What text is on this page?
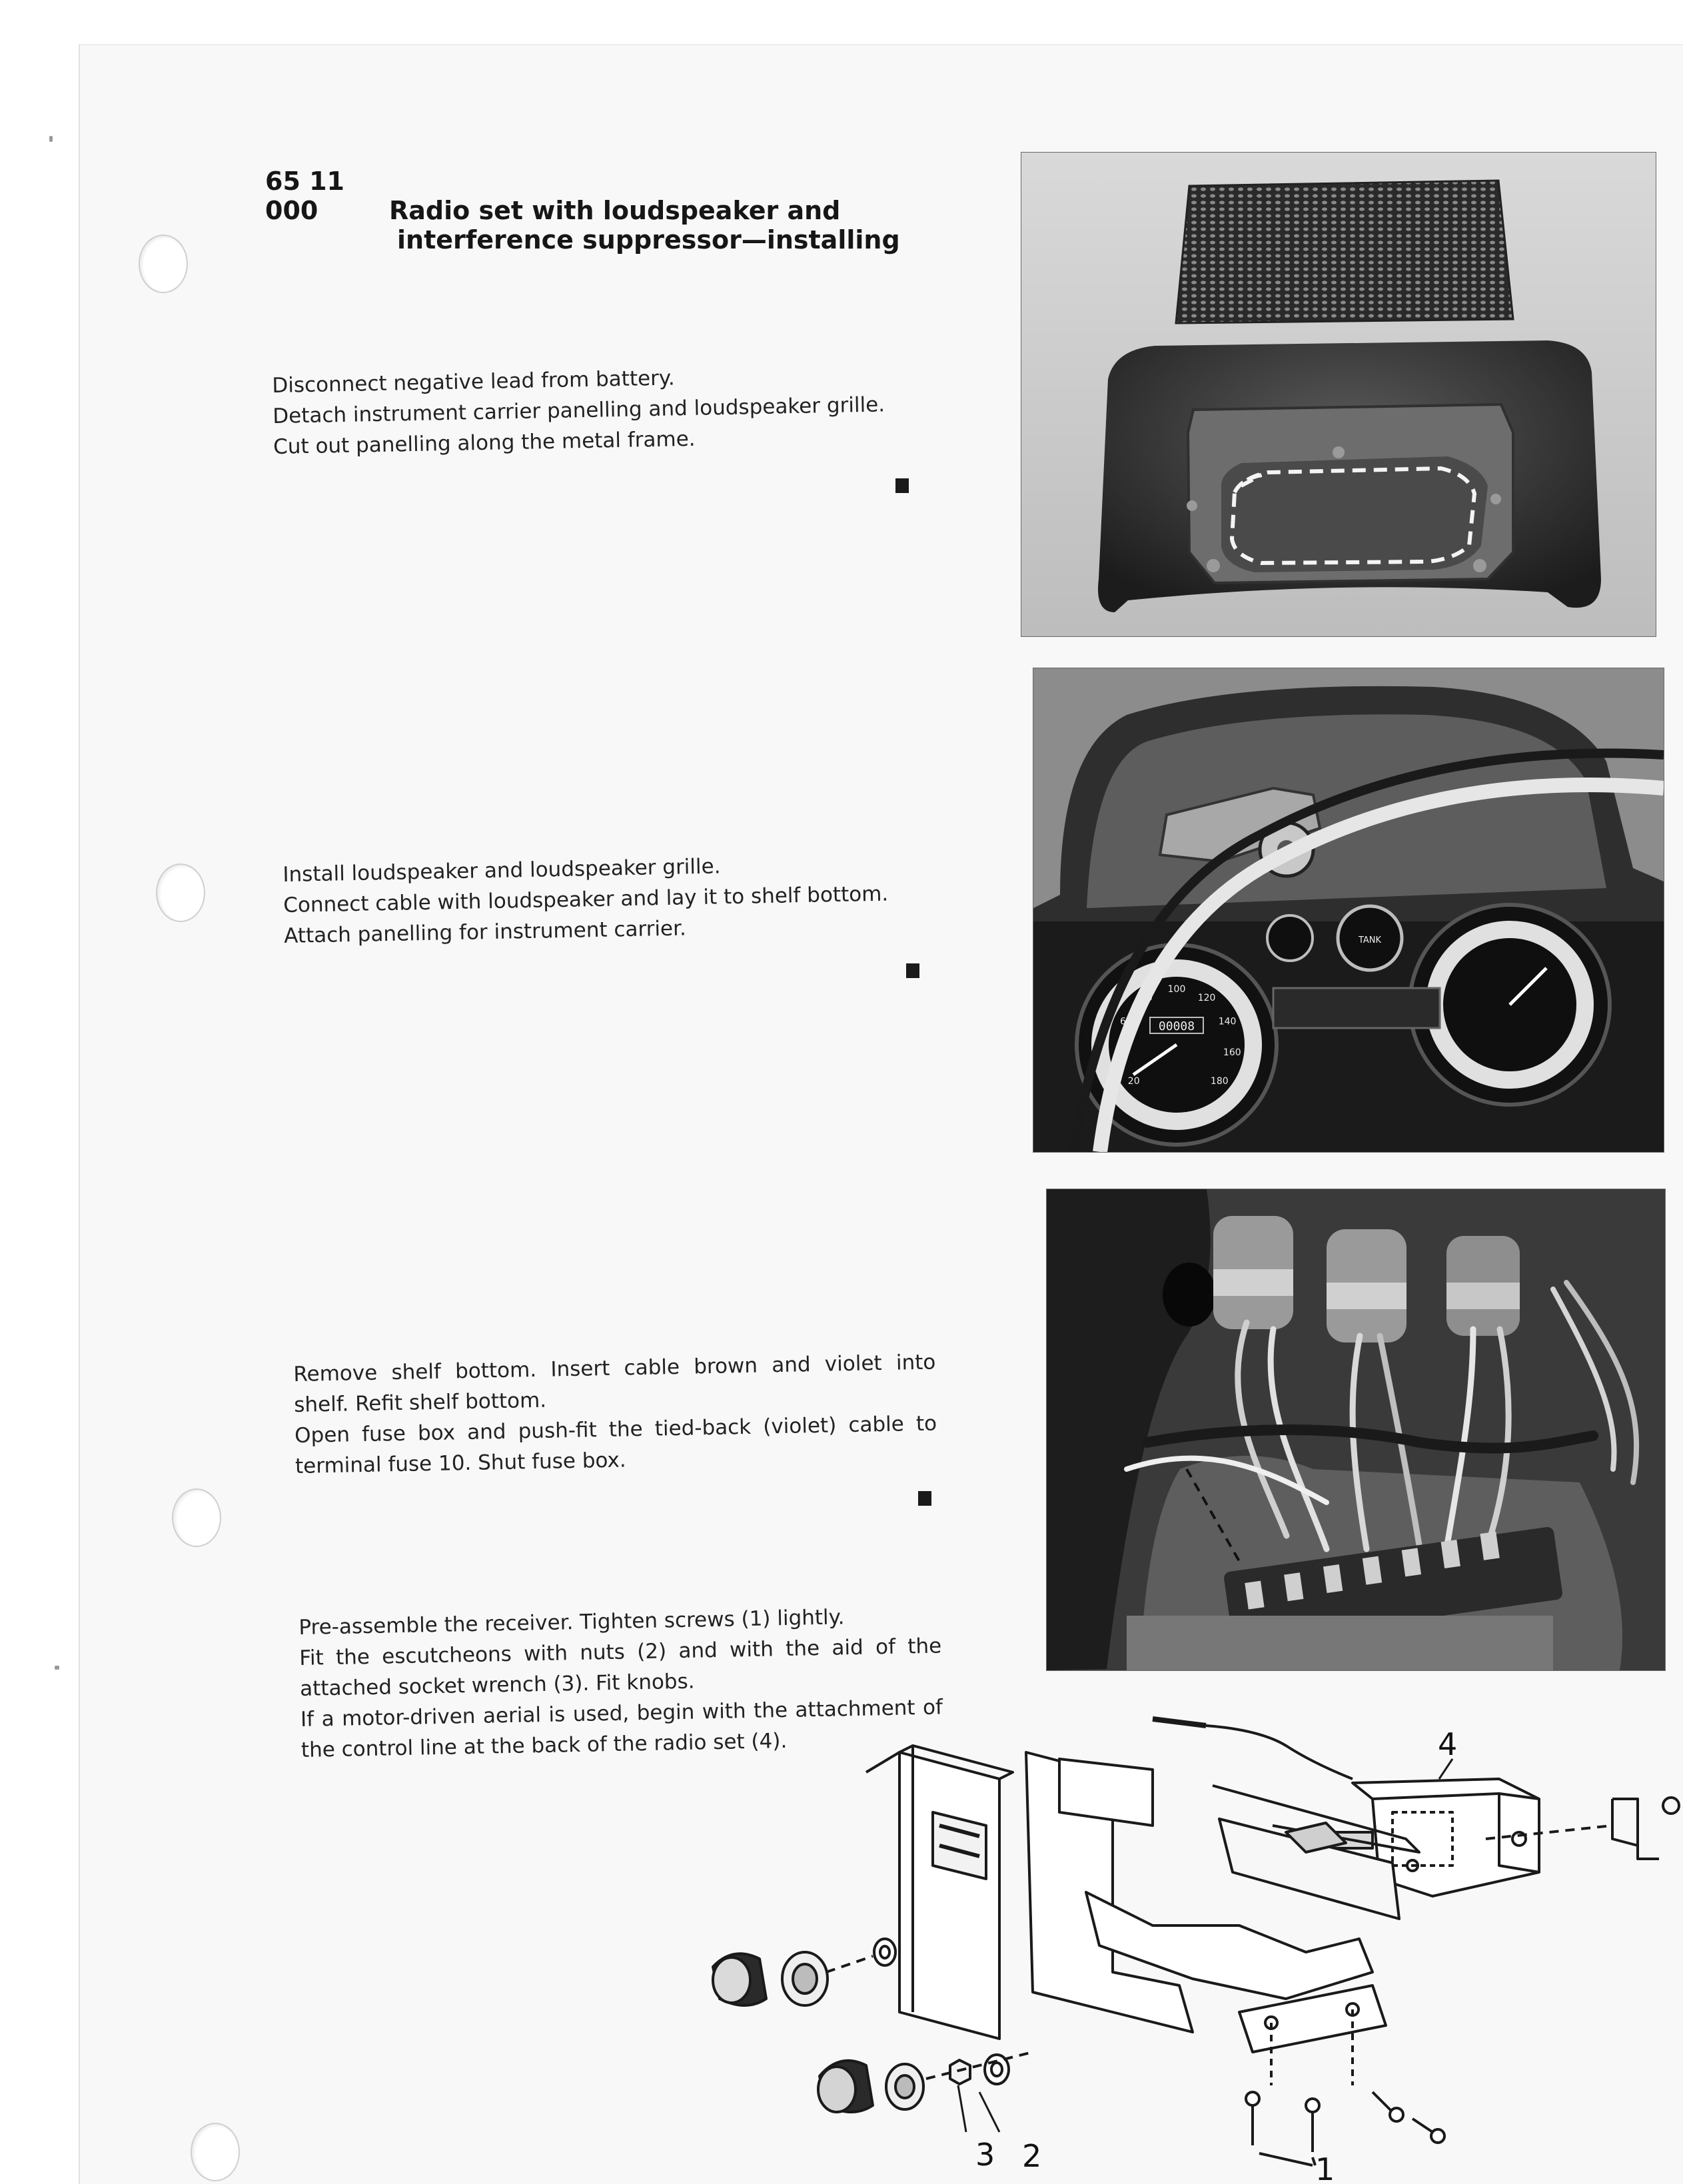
65 11 000	Radio set with loudspeaker and
interference suppressor—installing

Disconnect negative lead from battery.

Detach instrument carrier panelling and loudspeaker grille.

Cut out panelling along the metal frame.

Install loudspeaker and loudspeaker grille.

Connect cable with loudspeaker and lay it to shelf bottom.

Attach panelling for instrument carrier.

20
40
60
80
100
120
140
160
180
00008
TANK

Remove shelf bottom. Insert cable brown and violet into shelf. Refit shelf bottom.

Open fuse box and push-fit the tied-back (violet) cable to terminal fuse 10. Shut fuse box.

Pre-assemble the receiver. Tighten screws (1) lightly.

Fit the escutcheons with nuts (2) and with the aid of the attached socket wrench (3). Fit knobs.

If a motor-driven aerial is used, begin with the attachment of the control line at the back of the radio set (4).	4
3 2	1
